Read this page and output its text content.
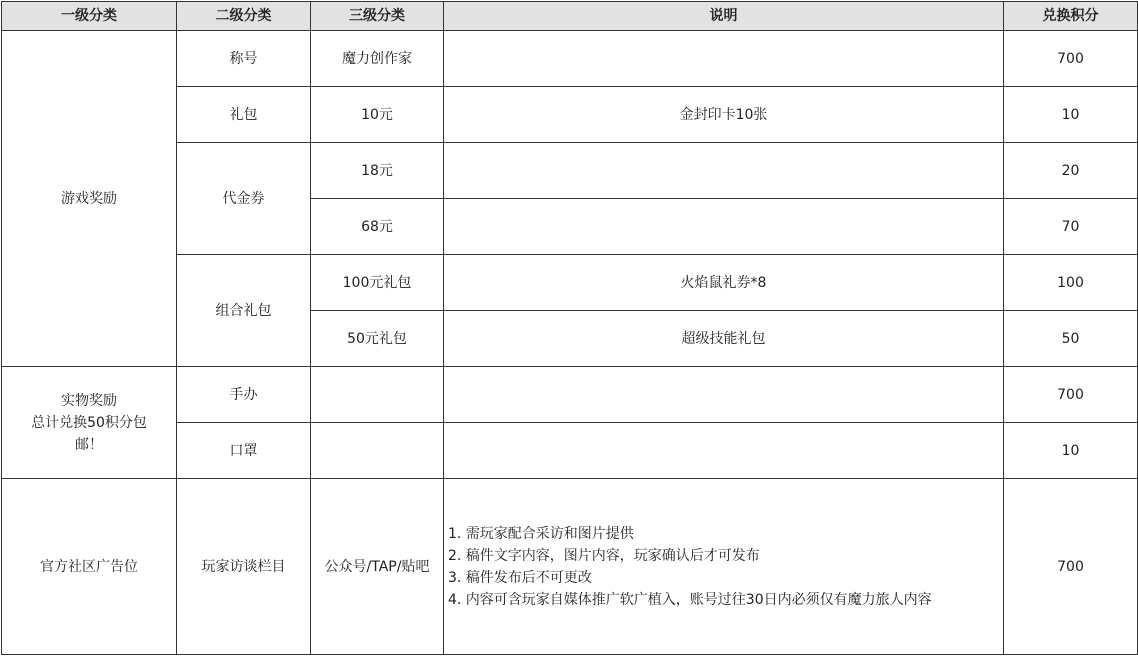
一级分类	二级分类	三级分类	说明	兑换积分
游戏奖励	称号	魔力创作家		700
	礼包	10元	金封印卡10张	10
	代金券	18元		20
		68元		70
	组合礼包	100元礼包	火焰鼠礼券*8	100
		50元礼包	超级技能礼包	50

实物奖励
总计兑换50积分包
邮！	手办			700
	口罩			10
官方社区广告位	玩家访谈栏目	公众号/TAP/贴吧	1. 需玩家配合采访和图片提供
2. 稿件文字内容，图片内容，玩家确认后才可发布
3. 稿件发布后不可更改
4. 内容可含玩家自媒体推广软广植入，账号过往30日内必须仅有魔力旅人内容	700
